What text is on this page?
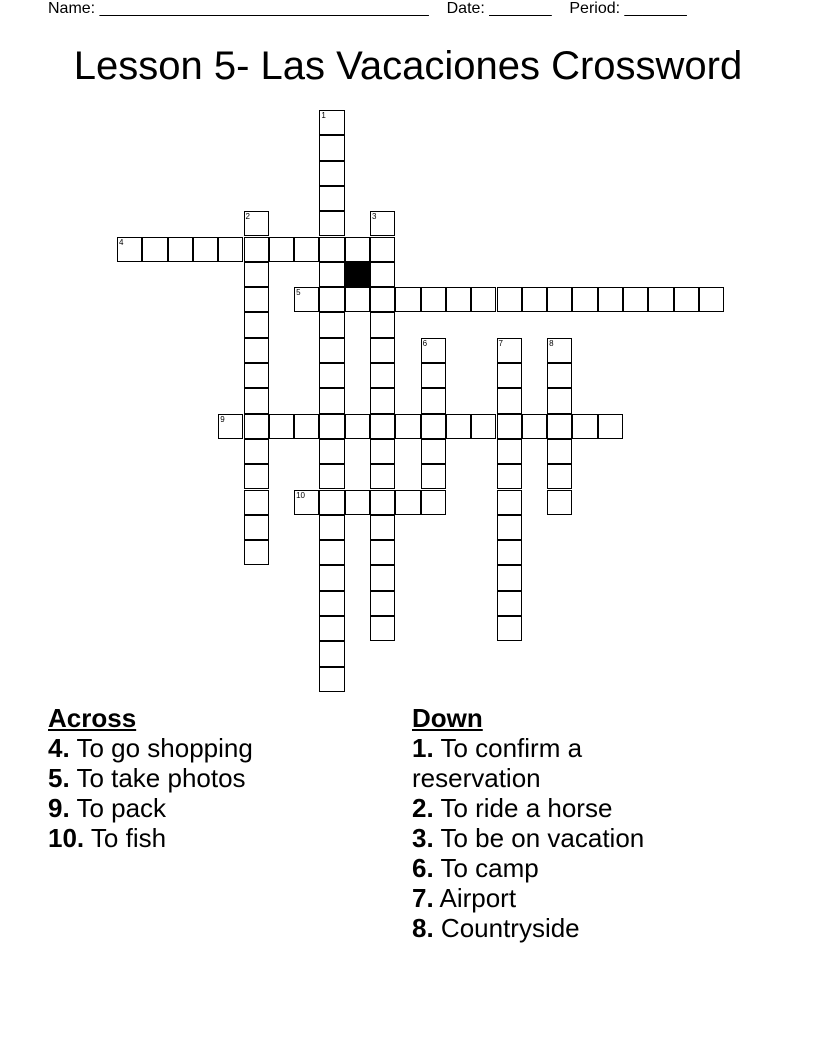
Name: _____________________________________ Date: _______ Period: _______
Lesson 5- Las Vacaciones Crossword
1
2	3
4
5
6	7	8
9
10
Across

4. To go shopping

5. To take photos

9. To pack

10. To fish

Down

1. To confirm a reservation

2. To ride a horse

3. To be on vacation

6. To camp

7. Airport

8. Countryside
